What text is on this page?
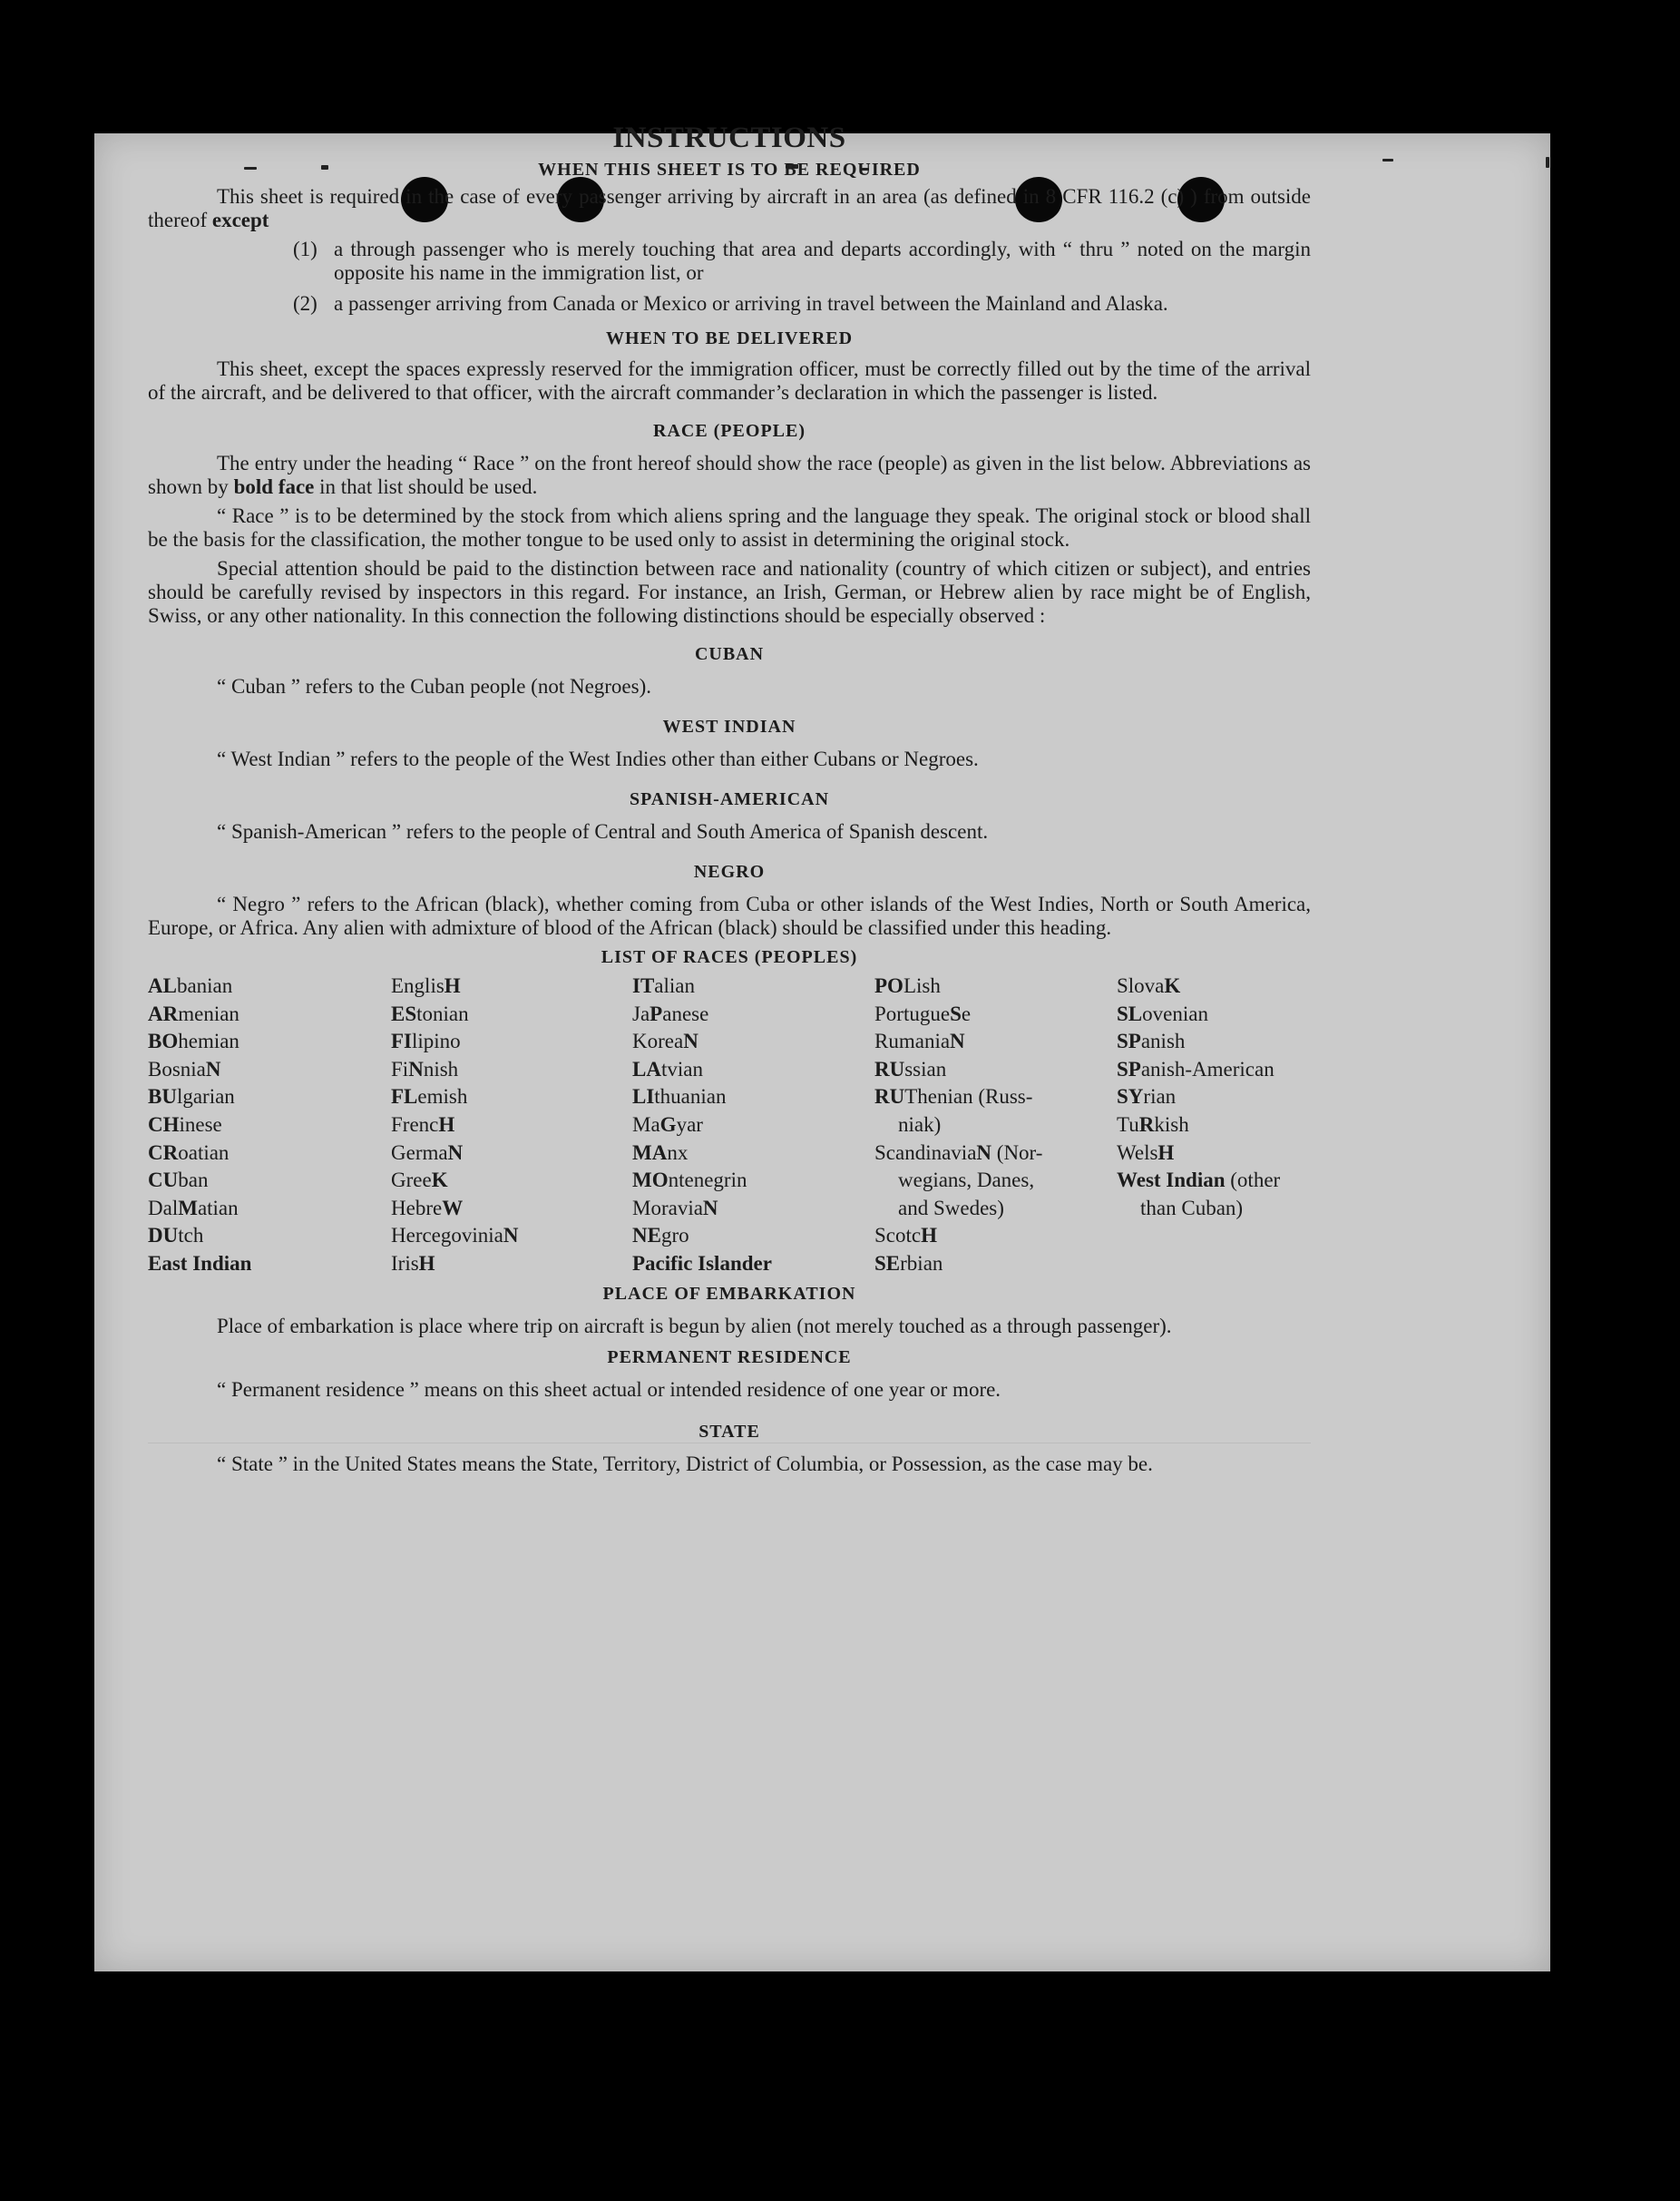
INSTRUCTIONS
WHEN THIS SHEET IS TO BE REQUIRED

This sheet is required in the case of every passenger arriving by aircraft in an area (as defined in 8 CFR 116.2 (c) ) from outside thereof except

(1) a through passenger who is merely touching that area and departs accordingly, with “ thru ” noted on the margin opposite his name in the immigration list, or
(2) a passenger arriving from Canada or Mexico or arriving in travel between the Mainland and Alaska.
WHEN TO BE DELIVERED

This sheet, except the spaces expressly reserved for the immigration officer, must be correctly filled out by the time of the arrival of the aircraft, and be delivered to that officer, with the aircraft commander’s declaration in which the passenger is listed.

RACE (PEOPLE)

The entry under the heading “ Race ” on the front hereof should show the race (people) as given in the list below. Abbreviations as shown by bold face in that list should be used.

“ Race ” is to be determined by the stock from which aliens spring and the language they speak. The original stock or blood shall be the basis for the classification, the mother tongue to be used only to assist in determining the original stock.

Special attention should be paid to the distinction between race and nationality (country of which citizen or subject), and entries should be carefully revised by inspectors in this regard. For instance, an Irish, German, or Hebrew alien by race might be of English, Swiss, or any other nationality. In this connection the following distinctions should be especially observed :

CUBAN

“ Cuban ” refers to the Cuban people (not Negroes).

WEST INDIAN

“ West Indian ” refers to the people of the West Indies other than either Cubans or Negroes.

SPANISH-AMERICAN

“ Spanish-American ” refers to the people of Central and South America of Spanish descent.

NEGRO

“ Negro ” refers to the African (black), whether coming from Cuba or other islands of the West Indies, North or South America, Europe, or Africa. Any alien with admixture of blood of the African (black) should be classified under this heading.

LIST OF RACES (PEOPLES)
ALbanian
ARmenian
BOhemian
BosniaN
BUlgarian
CHinese
CRoatian
CUban
DalMatian
DUtch
East Indian
EnglisH
EStonian
FIlipino
FiNnish
FLemish
FrencH
GermaN
GreeK
HebreW
HercegoviniaN
IrisH
ITalian
JaPanese
KoreaN
LAtvian
LIthuanian
MaGyar
MAnx
MOntenegrin
MoraviaN
NEgro
Pacific Islander
POLish
PortugueSe
RumaniaN
RUssian
RUThenian (Russ-
niak)
ScandinaviaN (Nor-
wegians, Danes,
and Swedes)
ScotcH
SErbian
SlovaK
SLovenian
SPanish
SPanish-American
SYrian
TuRkish
WelsH
West Indian (other
than Cuban)
PLACE OF EMBARKATION

Place of embarkation is place where trip on aircraft is begun by alien (not merely touched as a through passenger).

PERMANENT RESIDENCE

“ Permanent residence ” means on this sheet actual or intended residence of one year or more.

STATE

“ State ” in the United States means the State, Territory, District of Columbia, or Possession, as the case may be.
